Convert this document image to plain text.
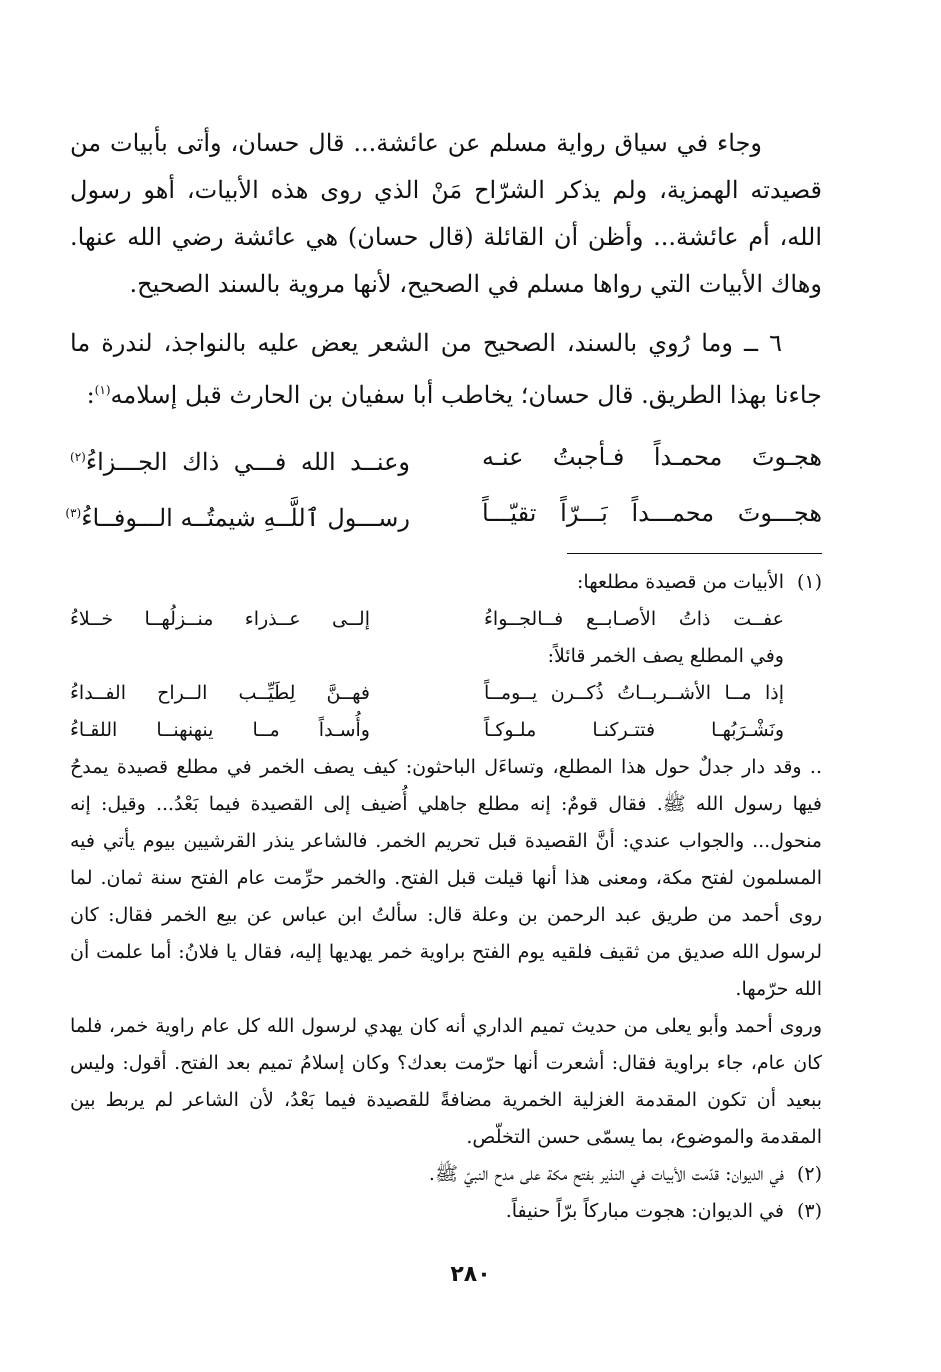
وجاء في سياق رواية مسلم عن عائشة... قال حسان، وأتى بأبيات من قصيدته الهمزية، ولم يذكر الشرّاح مَنْ الذي روى هذه الأبيات، أهو رسول الله، أم عائشة... وأظن أن القائلة (قال حسان) هي عائشة رضي الله عنها. وهاك الأبيات التي رواها مسلم في الصحيح، لأنها مروية بالسند الصحيح.

٦ ــ وما رُوي بالسند، الصحيح من الشعر يعض عليه بالنواجذ، لندرة ما جاءنا بهذا الطريق. قال حسان؛ يخاطب أبا سفيان بن الحارث قبل إسلامه$^{(١)}$:

هجـوتَ محمـداً فـأجبتُ عنـه
وعنــد الله فـــي ذاك الجـــزاءُ$^{(٢)}$
هجـــوتَ محمـــداً بَـــرّاً تقيّـــاً
رســـول ٱللَّــهِ شيمتُــه الـــوفــاءُ$^{(٣)}$
(١)
الأبيات من قصيدة مطلعها:
عفــت ذاتُ الأصـابــع فــالجــواءُ
إلــى عــذراء منــزلُهــا خــلاءُ
وفي المطلع يصف الخمر قائلاً:
إذا مــا الأشــربــاتُ ذُكــرن يــومــاً
فهــنَّ لِطَيِّــب الــراح الفــداءُ
ونَشْـرَبُهـا فتتـركنـا ملـوكـاً
وأُسـداً مــا ينهنهنــا اللقـاءُ
.. وقد دار جدلٌ حول هذا المطلع، وتساءَل الباحثون: كيف يصف الخمر في مطلع قصيدة يمدحُ فيها رسول الله ﷺ. فقال قومٌ: إنه مطلع جاهلي أُضيف إلى القصيدة فيما بَعْدُ... وقيل: إنه منحول... والجواب عندي: أنَّ القصيدة قبل تحريم الخمر. فالشاعر ينذر القرشيين بيوم يأتي فيه المسلمون لفتح مكة، ومعنى هذا أنها قيلت قبل الفتح. والخمر حرِّمت عام الفتح سنة ثمان. لما روى أحمد من طريق عبد الرحمن بن وعلة قال: سألتُ ابن عباس عن بيع الخمر فقال: كان لرسول الله صديق من ثقيف فلقيه يوم الفتح براوية خمر يهديها إليه، فقال يا فلانُ: أما علمت أن الله حرّمها.
وروى أحمد وأبو يعلى من حديث تميم الداري أنه كان يهدي لرسول الله كل عام راوية خمر، فلما كان عام، جاء براوية فقال: أشعرت أنها حرّمت بعدك؟ وكان إسلامُ تميم بعد الفتح. أقول: وليس ببعيد أن تكون المقدمة الغزلية الخمرية مضافةً للقصيدة فيما بَعْدُ، لأن الشاعر لم يربط بين المقدمة والموضوع، بما يسمّى حسن التخلّص.
(٢)
في الديوان: قدّمت الأبيات في النذير بفتح مكة على مدح النبيّ ﷺ.
(٣)
في الديوان: هجوت مباركاً برّاً حنيفاً.
٢٨٠
